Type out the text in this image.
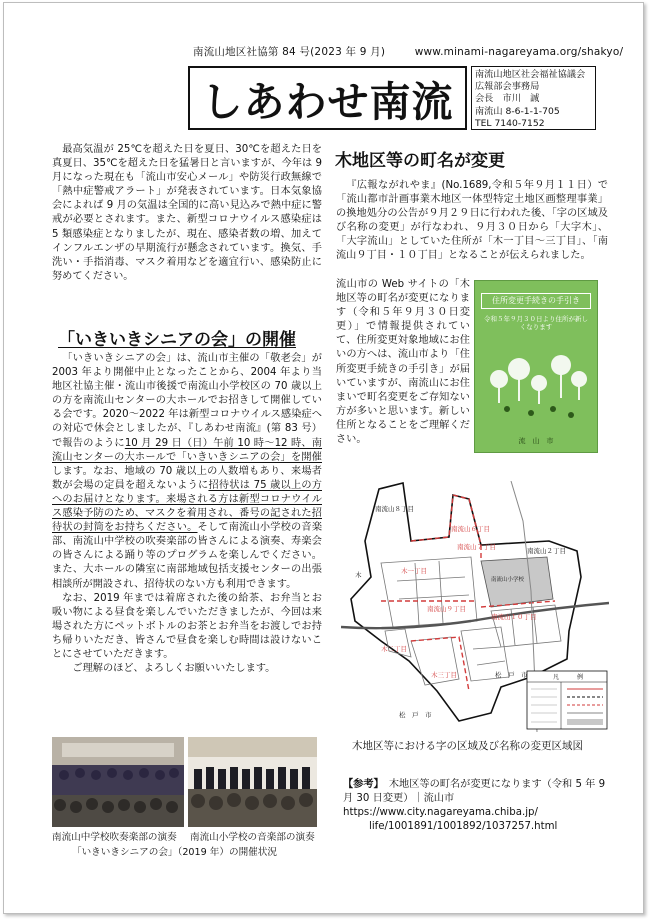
南流山地区社協第 84 号(2023 年 9 月)	www.minami-nagareyama.org/shakyo/
しあわせ南流
南流山地区社会福祉協議会
広報部会事務局
会長　市川　誠
南流山 8-6-1-1-705
TEL 7140-7152

最高気温が 25℃を超えた日を夏日、30℃を超えた日を真夏日、35℃を超えた日を猛暑日と言いますが、今年は 9 月になった現在も「流山市安心メール」や防災行政無線で「熱中症警戒アラート」が発表されています。日本気象協会によれば 9 月の気温は全国的に高い見込みで熱中症に警戒が必要とされます。また、新型コロナウイルス感染症は 5 類感染症となりましたが、現在、感染者数の増、加えてインフルエンザの早期流行が懸念されています。換気、手洗い・手指消毒、マスク着用などを適宜行い、感染防止に努めてください。

「いきいきシニアの会」の開催

「いきいきシニアの会」は、流山市主催の「敬老会」が 2003 年より開催中止となったことから、2004 年より当地区社協主催・流山市後援で南流山小学校区の 70 歳以上の方を南流山センターの大ホールでお招きして開催している会です。2020～2022 年は新型コロナウイルス感染症への対応で休会としましたが、『しあわせ南流』(第 83 号）で報告のように10 月 29 日（日）午前 10 時～12 時、南流山センターの大ホールで「いきいきシニアの会」を開催します。なお、地域の 70 歳以上の人数増もあり、来場者数が会場の定員を超えないように招待状は 75 歳以上の方へのお届けとなります。来場される方は新型コロナウイルス感染予防のため、マスクを着用され、番号の記された招待状の封筒をお持ちください。そして南流山小学校の音楽部、南流山中学校の吹奏楽部の皆さんによる演奏、寿楽会の皆さんによる踊り等のプログラムを楽しんでください。また、大ホールの隣室に南部地域包括支援センターの出張相談所が開設され、招待状のない方も利用できます。

なお、2019 年までは着席された後の給茶、お弁当とお吸い物による昼食を楽しんでいただきましたが、今回は来場された方にペットボトルのお茶とお弁当をお渡しでお持ち帰りいただき、皆さんで昼食を楽しむ時間は設けないことにさせていただきます。

ご理解のほど、よろしくお願いいたします。

南流山中学校吹奏楽部の演奏 南流山小学校の音楽部の演奏
「いきいきシニアの会」（2019 年）の開催状況
木地区等の町名が変更

『広報ながれやま』(No.1689,令和５年９月１１日）で「流山都市計画事業木地区一体型特定土地区画整理事業」の換地処分の公告が９月２９日に行われた後、「字の区域及び名称の変更」が行なわれ、９月３０日から「大字木」、「大字流山」としていた住所が「木一丁目～三丁目」、「南流山９丁目・１０丁目」となることが伝えられました。

流山市の Web サイトの「木地区等の町名が変更になります（令和５年９月３０日変更）」で情報提供されていて、住所変更対象地域にお住いの方へは、流山市より「住所変更手続きの手引き」が届いていますが、南流山にお住まいで町名変更をご存知ない方が多いと思います。新しい住所となることをご理解ください。

住所変更手続きの手引き
令和５年９月３０日より住所が新しくなります
流　山　市
南流山８丁目
南流山２丁目
松　戸　市
松　戸　市
木
南流山小学校
南流山６丁目
南流山７丁目
木一丁目
南流山９丁目
南流山１０丁目
木二丁目
木三丁目	凡　　　例
木地区等における字の区域及び名称の変更区域図
【参考】　 木地区等の町名が変更になります（令和 5 年 9 月 30 日変更）｜流山市
https://www.city.nagareyama.chiba.jp/
life/1001891/1001892/1037257.html
